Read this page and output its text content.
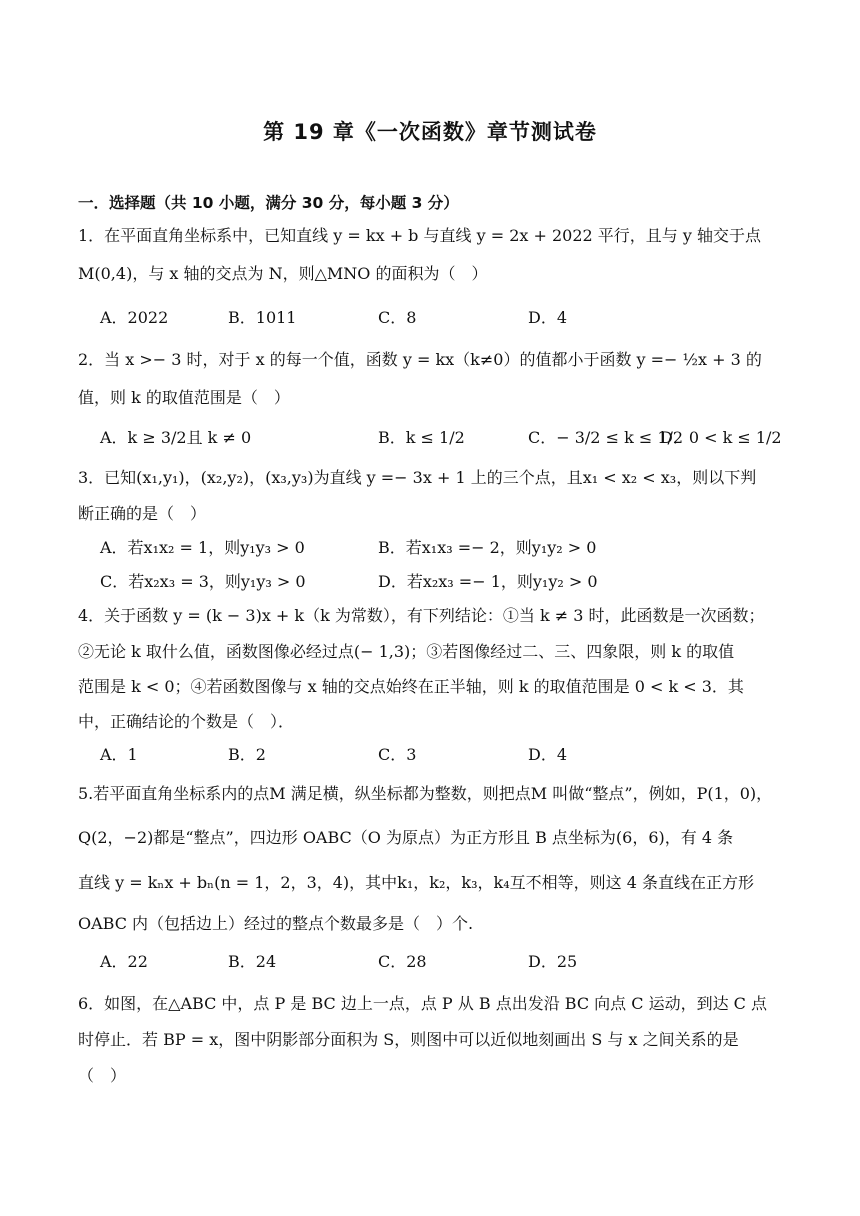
第 19 章《一次函数》章节测试卷
一．选择题（共 10 小题，满分 30 分，每小题 3 分）
1．在平面直角坐标系中，已知直线 y = kx + b 与直线 y = 2x + 2022 平行，且与 y 轴交于点
M(0,4)，与 x 轴的交点为 N，则△MNO 的面积为（　）
A．2022	B．1011	C．8	D．4
2．当 x >− 3 时，对于 x 的每一个值，函数 y = kx（k≠0）的值都小于函数 y =− ½x + 3 的
值，则 k 的取值范围是（　）
A．k ≥ 3/2且 k ≠ 0	B．k ≤ 1/2	C．− 3/2 ≤ k ≤ 1/2
D．0 < k ≤ 1/2
3．已知(x₁,y₁)，(x₂,y₂)，(x₃,y₃)为直线 y =− 3x + 1 上的三个点，且x₁ < x₂ < x₃，则以下判
断正确的是（　）
A．若x₁x₂ = 1，则y₁y₃ > 0	B．若x₁x₃ =− 2，则y₁y₂ > 0
C．若x₂x₃ = 3，则y₁y₃ > 0	D．若x₂x₃ =− 1，则y₁y₂ > 0
4．关于函数 y = (k − 3)x + k（k 为常数），有下列结论：①当 k ≠ 3 时，此函数是一次函数；
②无论 k 取什么值，函数图像必经过点(− 1,3)；③若图像经过二、三、四象限，则 k 的取值
范围是 k < 0；④若函数图像与 x 轴的交点始终在正半轴，则 k 的取值范围是 0 < k < 3．其
中，正确结论的个数是（　）．
A．1	B．2	C．3	D．4
5.若平面直角坐标系内的点M 满足横，纵坐标都为整数，则把点M 叫做“整点”，例如，P(1，0)，
Q(2，−2)都是“整点”，四边形 OABC（O 为原点）为正方形且 B 点坐标为(6，6)，有 4 条
直线 y = kₙx + bₙ(n = 1，2，3，4)，其中k₁，k₂，k₃，k₄互不相等，则这 4 条直线在正方形
OABC 内（包括边上）经过的整点个数最多是（　）个.
A．22	B．24	C．28	D．25
6．如图，在△ABC 中，点 P 是 BC 边上一点，点 P 从 B 点出发沿 BC 向点 C 运动，到达 C 点
时停止．若 BP = x，图中阴影部分面积为 S，则图中可以近似地刻画出 S 与 x 之间关系的是
（　）
